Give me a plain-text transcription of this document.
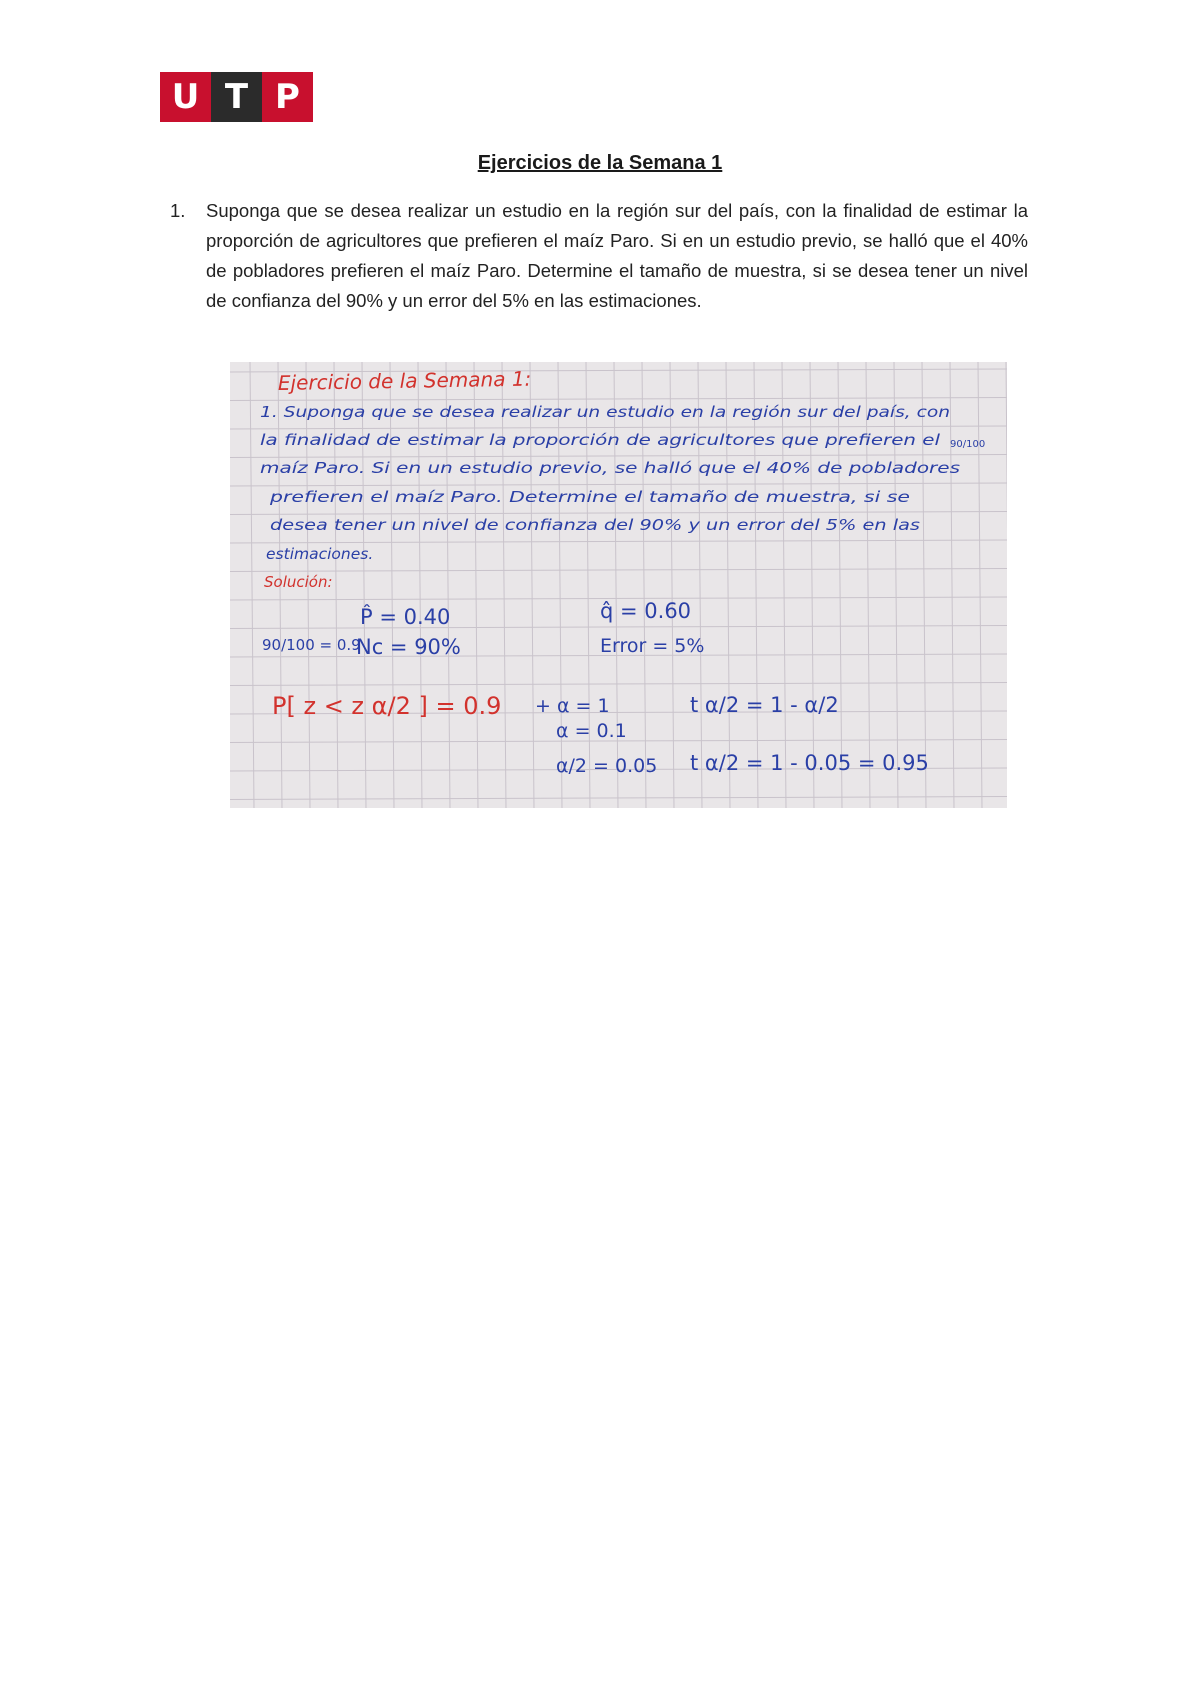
U T P
Ejercicios de la Semana 1
1. Suponga que se desea realizar un estudio en la región sur del país, con la finalidad de estimar la proporción de agricultores que prefieren el maíz Paro. Si en un estudio previo, se halló que el 40% de pobladores prefieren el maíz Paro. Determine el tamaño de muestra, si se desea tener un nivel de confianza del 90% y un error del 5% en las estimaciones.
Ejercicio de la Semana 1:
1. Suponga que se desea realizar un estudio en la región sur del país, con
la finalidad de estimar la proporción de agricultores que prefieren el 90/100
maíz Paro. Si en un estudio previo, se halló que el 40% de pobladores
prefieren el maíz Paro. Determine el tamaño de muestra, si se
desea tener un nivel de confianza del 90% y un error del 5% en las
estimaciones.
Solución:
P̂ = 0.40	q̂ = 0.60
90/100 = 0.9
Nc = 90%	Error = 5%
P[ z < z α/2 ] = 0.9 + α = 1
α = 0.1
t α/2 = 1 - α/2
α/2 = 0.05 t α/2 = 1 - 0.05 = 0.95
